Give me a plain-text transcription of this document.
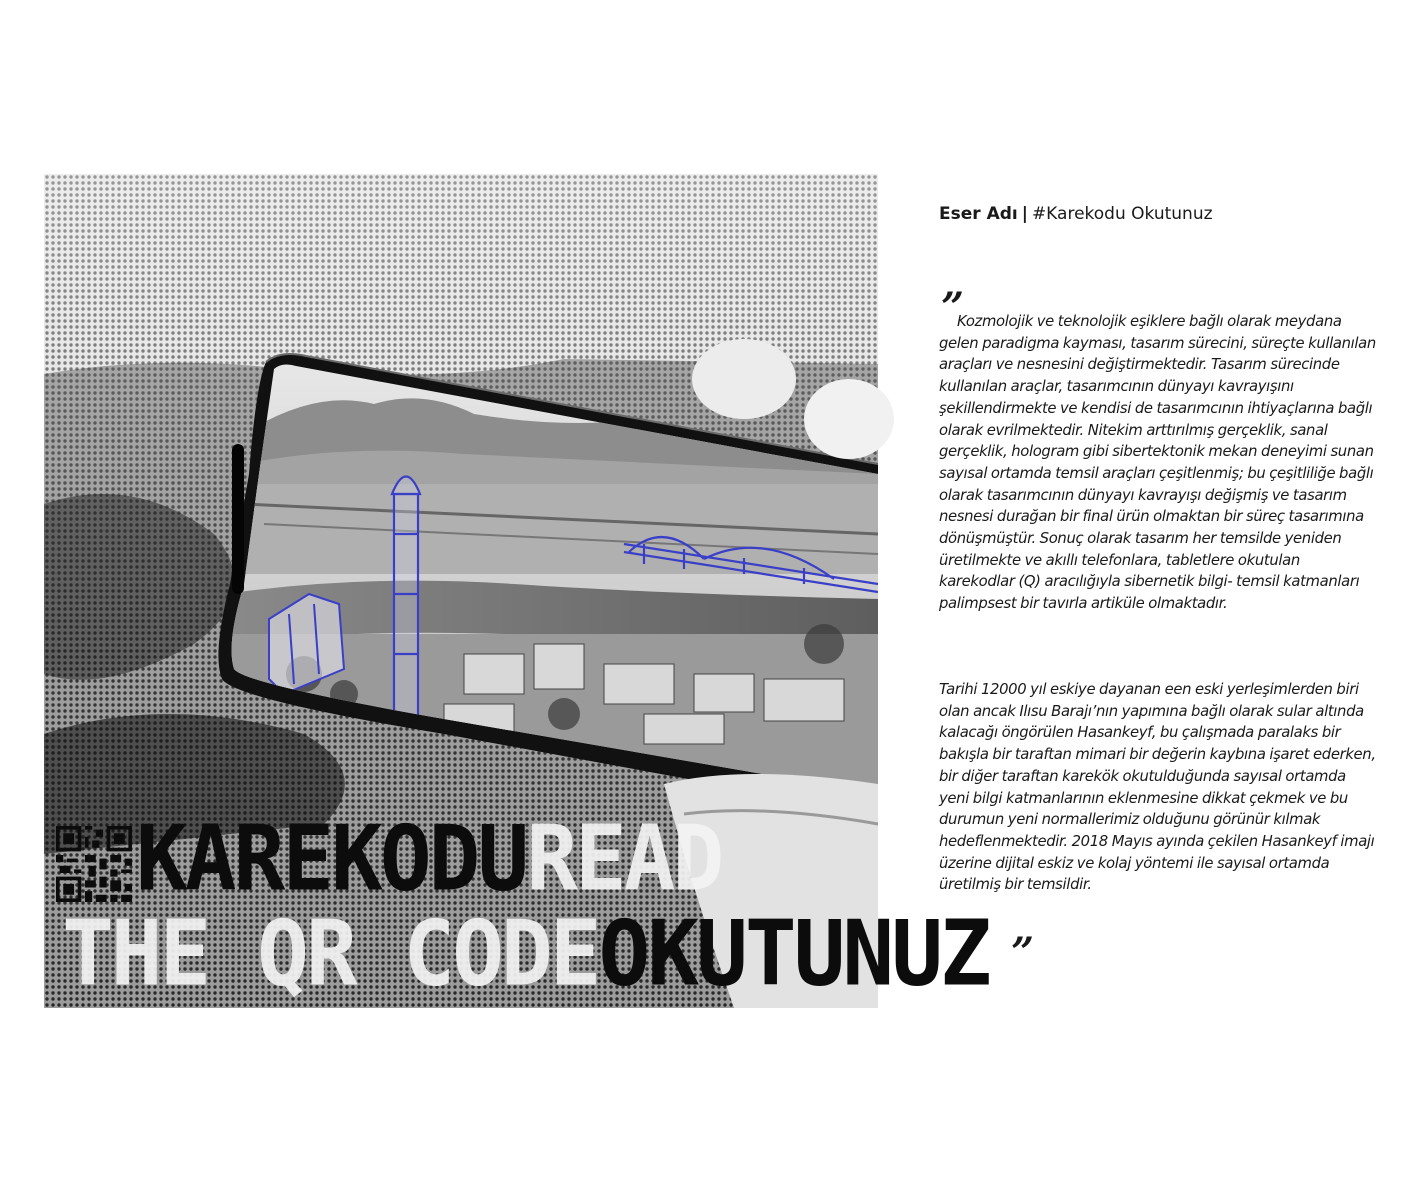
KAREKODUREAD
THE QR CODEOKUTUNUZ
Eser Adı | #Karekodu Okutunuz
”

Kozmolojik ve teknolojik eşiklere bağlı olarak meydana gelen paradigma kayması, tasarım sürecini, süreçte kullanılan araçları ve nesnesini değiştirmektedir. Tasarım sürecinde kullanılan araçlar, tasarımcının dünyayı kavrayışını şekillendirmekte ve kendisi de tasarımcının ihtiyaçlarına bağlı olarak evrilmektedir. Nitekim arttırılmış gerçeklik, sanal gerçeklik, hologram gibi sibertektonik mekan deneyimi sunan sayısal ortamda temsil araçları çeşitlenmiş; bu çeşitliliğe bağlı olarak tasarımcının dünyayı kavrayışı değişmiş ve tasarım nesnesi durağan bir final ürün olmaktan bir süreç tasarımına dönüşmüştür. Sonuç olarak tasarım her temsilde yeniden üretilmekte ve akıllı telefonlara, tabletlere okutulan karekodlar (Q) aracılığıyla sibernetik bilgi- temsil katmanları palimpsest bir tavırla artiküle olmaktadır.

Tarihi 12000 yıl eskiye dayanan een eski yerleşimlerden biri olan ancak Ilısu Barajı’nın yapımına bağlı olarak sular altında kalacağı öngörülen Hasankeyf, bu çalışmada paralaks bir bakışla bir taraftan mimari bir değerin kaybına işaret ederken, bir diğer taraftan karekök okutulduğunda sayısal ortamda yeni bilgi katmanlarının eklenmesine dikkat çekmek ve bu durumun yeni normallerimiz olduğunu görünür kılmak hedeflenmektedir. 2018 Mayıs ayında çekilen Hasankeyf imajı üzerine dijital eskiz ve kolaj yöntemi ile sayısal ortamda üretilmiş bir temsildir.

”
